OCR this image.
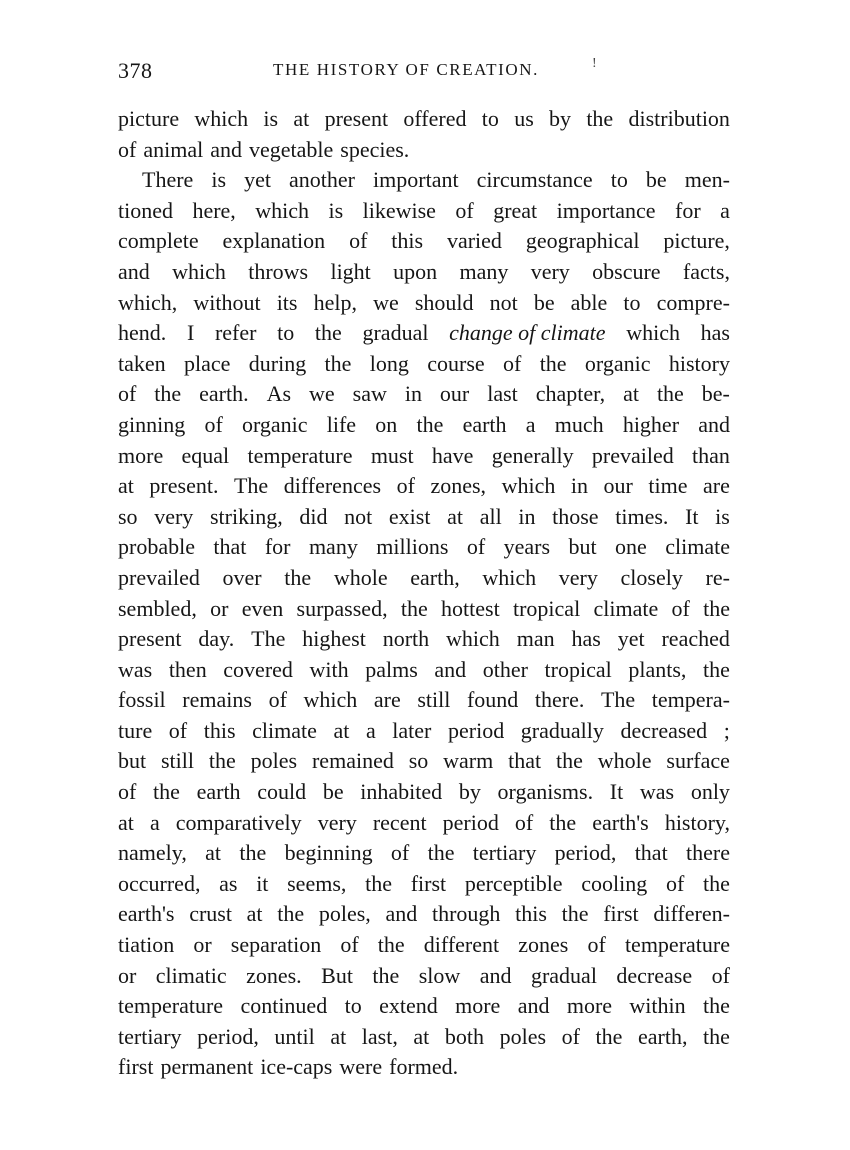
378	THE HISTORY OF CREATION.	!
picture which is at present offered to us by the distribution
of animal and vegetable species.
There is yet another important circumstance to be men-
tioned here, which is likewise of great importance for a
complete explanation of this varied geographical picture,
and which throws light upon many very obscure facts,
which, without its help, we should not be able to compre-
hend. I refer to the gradual change of climate which has
taken place during the long course of the organic history
of the earth. As we saw in our last chapter, at the be-
ginning of organic life on the earth a much higher and
more equal temperature must have generally prevailed than
at present. The differences of zones, which in our time are
so very striking, did not exist at all in those times. It is
probable that for many millions of years but one climate
prevailed over the whole earth, which very closely re-
sembled, or even surpassed, the hottest tropical climate of the
present day. The highest north which man has yet reached
was then covered with palms and other tropical plants, the
fossil remains of which are still found there. The tempera-
ture of this climate at a later period gradually decreased ;
but still the poles remained so warm that the whole surface
of the earth could be inhabited by organisms. It was only
at a comparatively very recent period of the earth's history,
namely, at the beginning of the tertiary period, that there
occurred, as it seems, the first perceptible cooling of the
earth's crust at the poles, and through this the first differen-
tiation or separation of the different zones of temperature
or climatic zones. But the slow and gradual decrease of
temperature continued to extend more and more within the
tertiary period, until at last, at both poles of the earth, the
first permanent ice-caps were formed.
